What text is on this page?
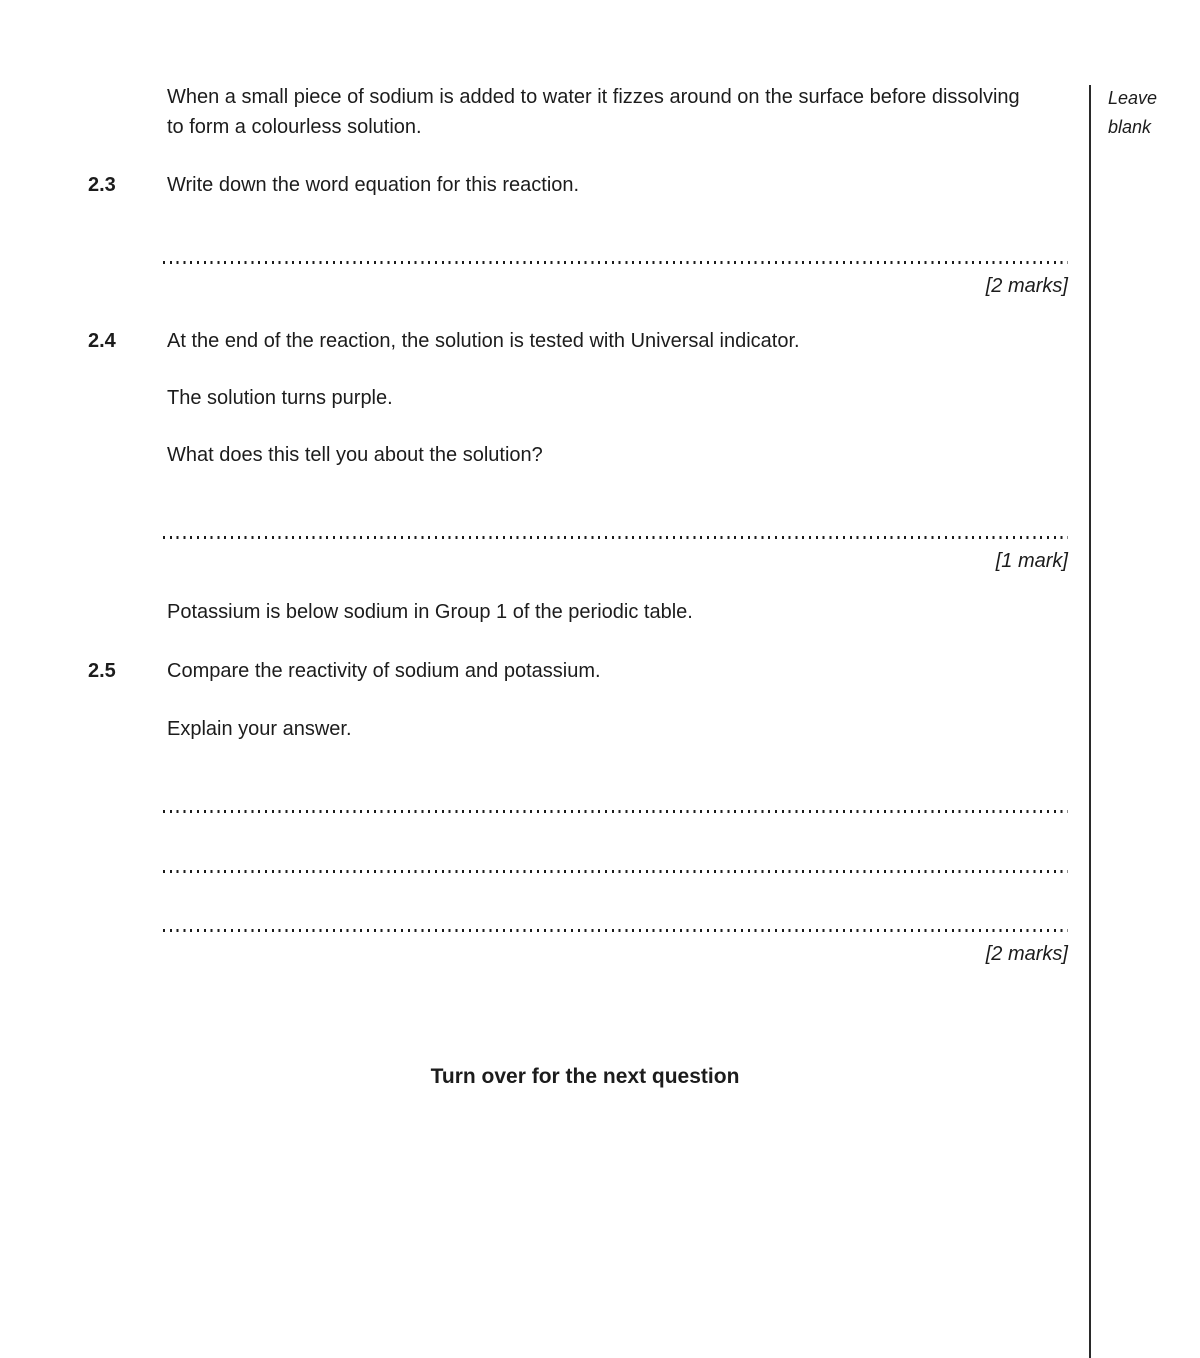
Leave
blank

When a small piece of sodium is added to water it fizzes around on the surface before dissolving to form a colourless solution.

2.3	Write down the word equation for this reaction.

[2 marks]
2.4	At the end of the reaction, the solution is tested with Universal indicator.

The solution turns purple.

What does this tell you about the solution?

[1 mark]

Potassium is below sodium in Group 1 of the periodic table.

2.5	Compare the reactivity of sodium and potassium.

Explain your answer.

[2 marks]
Turn over for the next question
